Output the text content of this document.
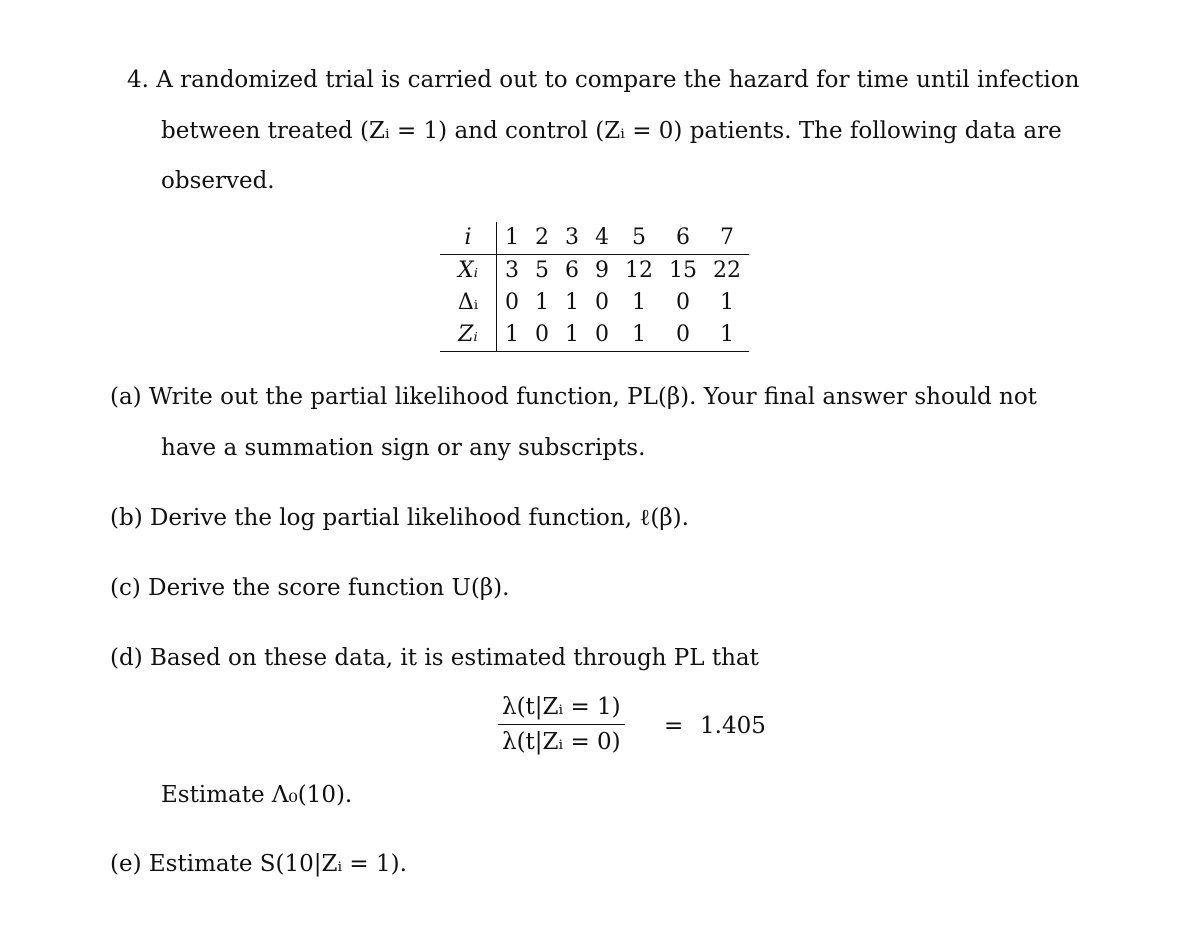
4. A randomized trial is carried out to compare the hazard for time until infection
between treated (Zᵢ = 1) and control (Zᵢ = 0) patients. The following data are
observed.
i	1	2	3	4	5	6	7
Xᵢ	3	5	6	9	12	15	22
Δᵢ	0	1	1	0	1	0	1
Zᵢ	1	0	1	0	1	0	1
(a) Write out the partial likelihood function, PL(β). Your final answer should not
have a summation sign or any subscripts.
(b) Derive the log partial likelihood function, ℓ(β).
(c) Derive the score function U(β).
(d) Based on these data, it is estimated through PL that
$\frac{\text{λ(t|Zᵢ = 1)}}{\text{λ(t|Zᵢ = 0)}} = 1.405$
Estimate Λ₀(10).
(e) Estimate S(10|Zᵢ = 1).
